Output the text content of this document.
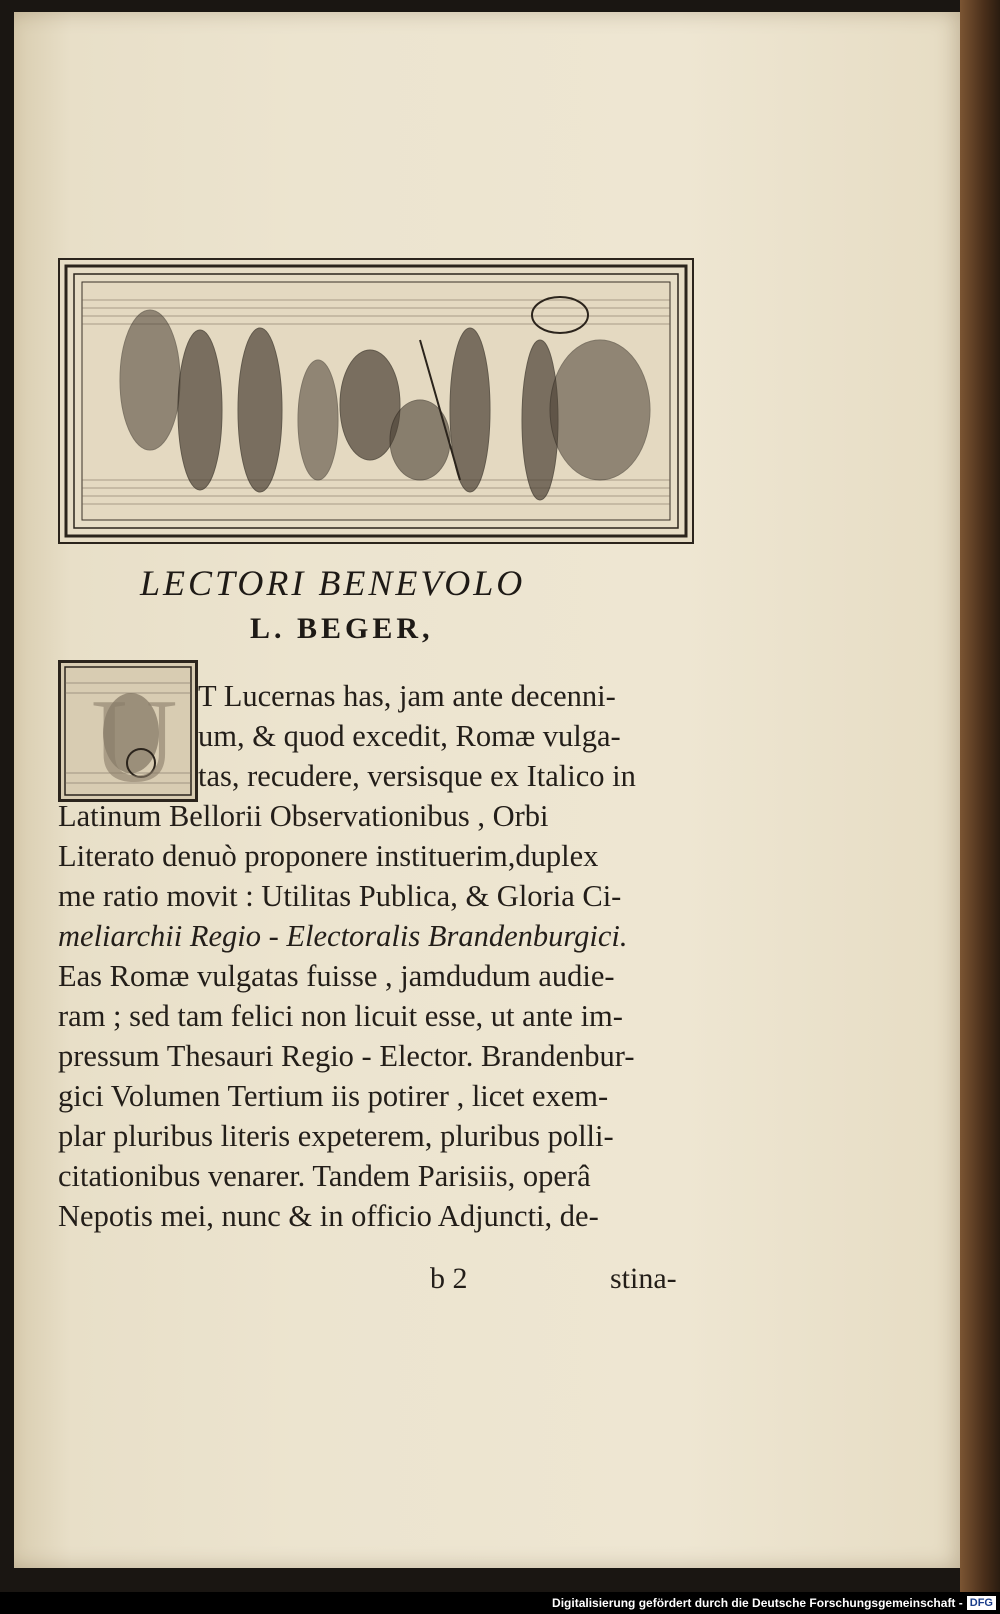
LECTORI BENEVOLO
L. BEGER,
U T Lucernas has, jam ante decenni-
um, & quod excedit, Romæ vulga-
tas, recudere, versisque ex Italico in
Latinum Bellorii Observationibus , Orbi
Literato denuò proponere instituerim,duplex
me ratio movit : Utilitas Publica, & Gloria Ci-
meliarchii Regio - Electoralis Brandenburgici.
Eas Romæ vulgatas fuisse , jamdudum audie-
ram ; sed tam felici non licuit esse, ut ante im-
pressum Thesauri Regio - Elector. Brandenbur-
gici Volumen Tertium iis potirer , licet exem-
plar pluribus literis expeterem, pluribus polli-
citationibus venarer. Tandem Parisiis, operâ
Nepotis mei, nunc & in officio Adjuncti, de-
b 2	stina-
Digitalisierung gefördert durch die Deutsche Forschungsgemeinschaft - DFG
